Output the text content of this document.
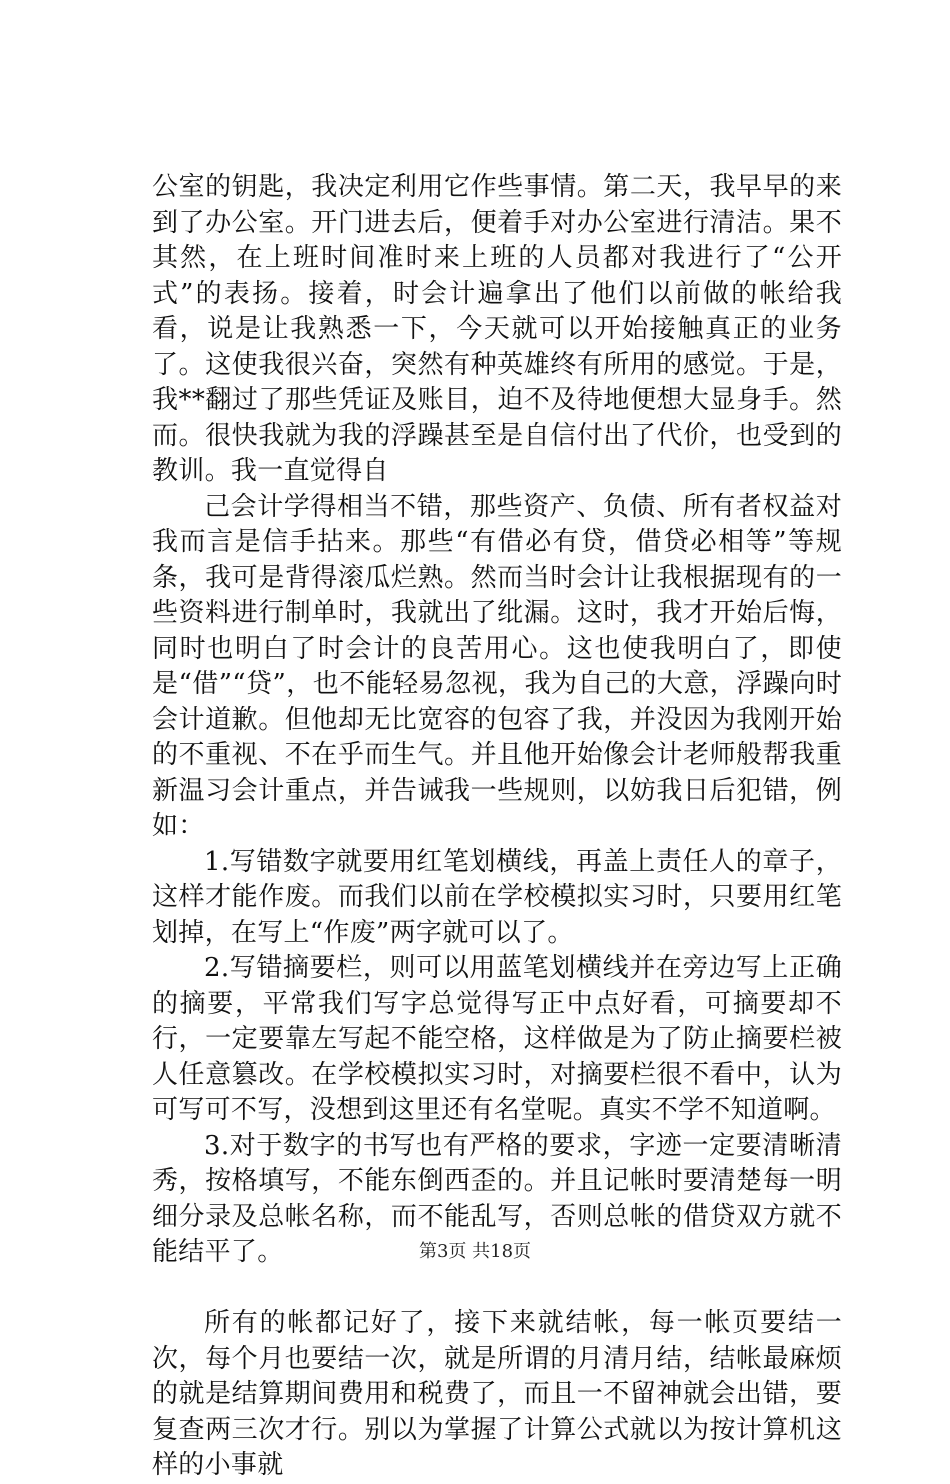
公室的钥匙，我决定利用它作些事情。第二天，我早早的来到了办公室。开门进去后，便着手对办公室进行清洁。果不其然，在上班时间准时来上班的人员都对我进行了“公开式”的表扬。接着，时会计遍拿出了他们以前做的帐给我看，说是让我熟悉一下，今天就可以开始接触真正的业务了。这使我很兴奋，突然有种英雄终有所用的感觉。于是，我**翻过了那些凭证及账目，迫不及待地便想大显身手。然而。很快我就为我的浮躁甚至是自信付出了代价，也受到的教训。我一直觉得自

己会计学得相当不错，那些资产、负债、所有者权益对我而言是信手拈来。那些“有借必有贷，借贷必相等”等规条，我可是背得滚瓜烂熟。然而当时会计让我根据现有的一些资料进行制单时，我就出了纰漏。这时，我才开始后悔，同时也明白了时会计的良苦用心。这也使我明白了，即使是“借”“贷”，也不能轻易忽视，我为自己的大意，浮躁向时会计道歉。但他却无比宽容的包容了我，并没因为我刚开始的不重视、不在乎而生气。并且他开始像会计老师般帮我重新温习会计重点，并告诫我一些规则，以妨我日后犯错，例如：

1.写错数字就要用红笔划横线，再盖上责任人的章子，这样才能作废。而我们以前在学校模拟实习时，只要用红笔划掉，在写上“作废”两字就可以了。

2.写错摘要栏，则可以用蓝笔划横线并在旁边写上正确的摘要，平常我们写字总觉得写正中点好看，可摘要却不行，一定要靠左写起不能空格，这样做是为了防止摘要栏被人任意篡改。在学校模拟实习时，对摘要栏很不看中，认为可写可不写，没想到这里还有名堂呢。真实不学不知道啊。

3.对于数字的书写也有严格的要求，字迹一定要清晰清秀，按格填写，不能东倒西歪的。并且记帐时要清楚每一明细分录及总帐名称，而不能乱写，否则总帐的借贷双方就不能结平了。

所有的帐都记好了，接下来就结帐，每一帐页要结一次，每个月也要结一次，就是所谓的月清月结，结帐最麻烦的就是结算期间费用和税费了，而且一不留神就会出错，要复查两三次才行。别以为掌握了计算公式就以为按计算机这样的小事就

第3页 共18页
